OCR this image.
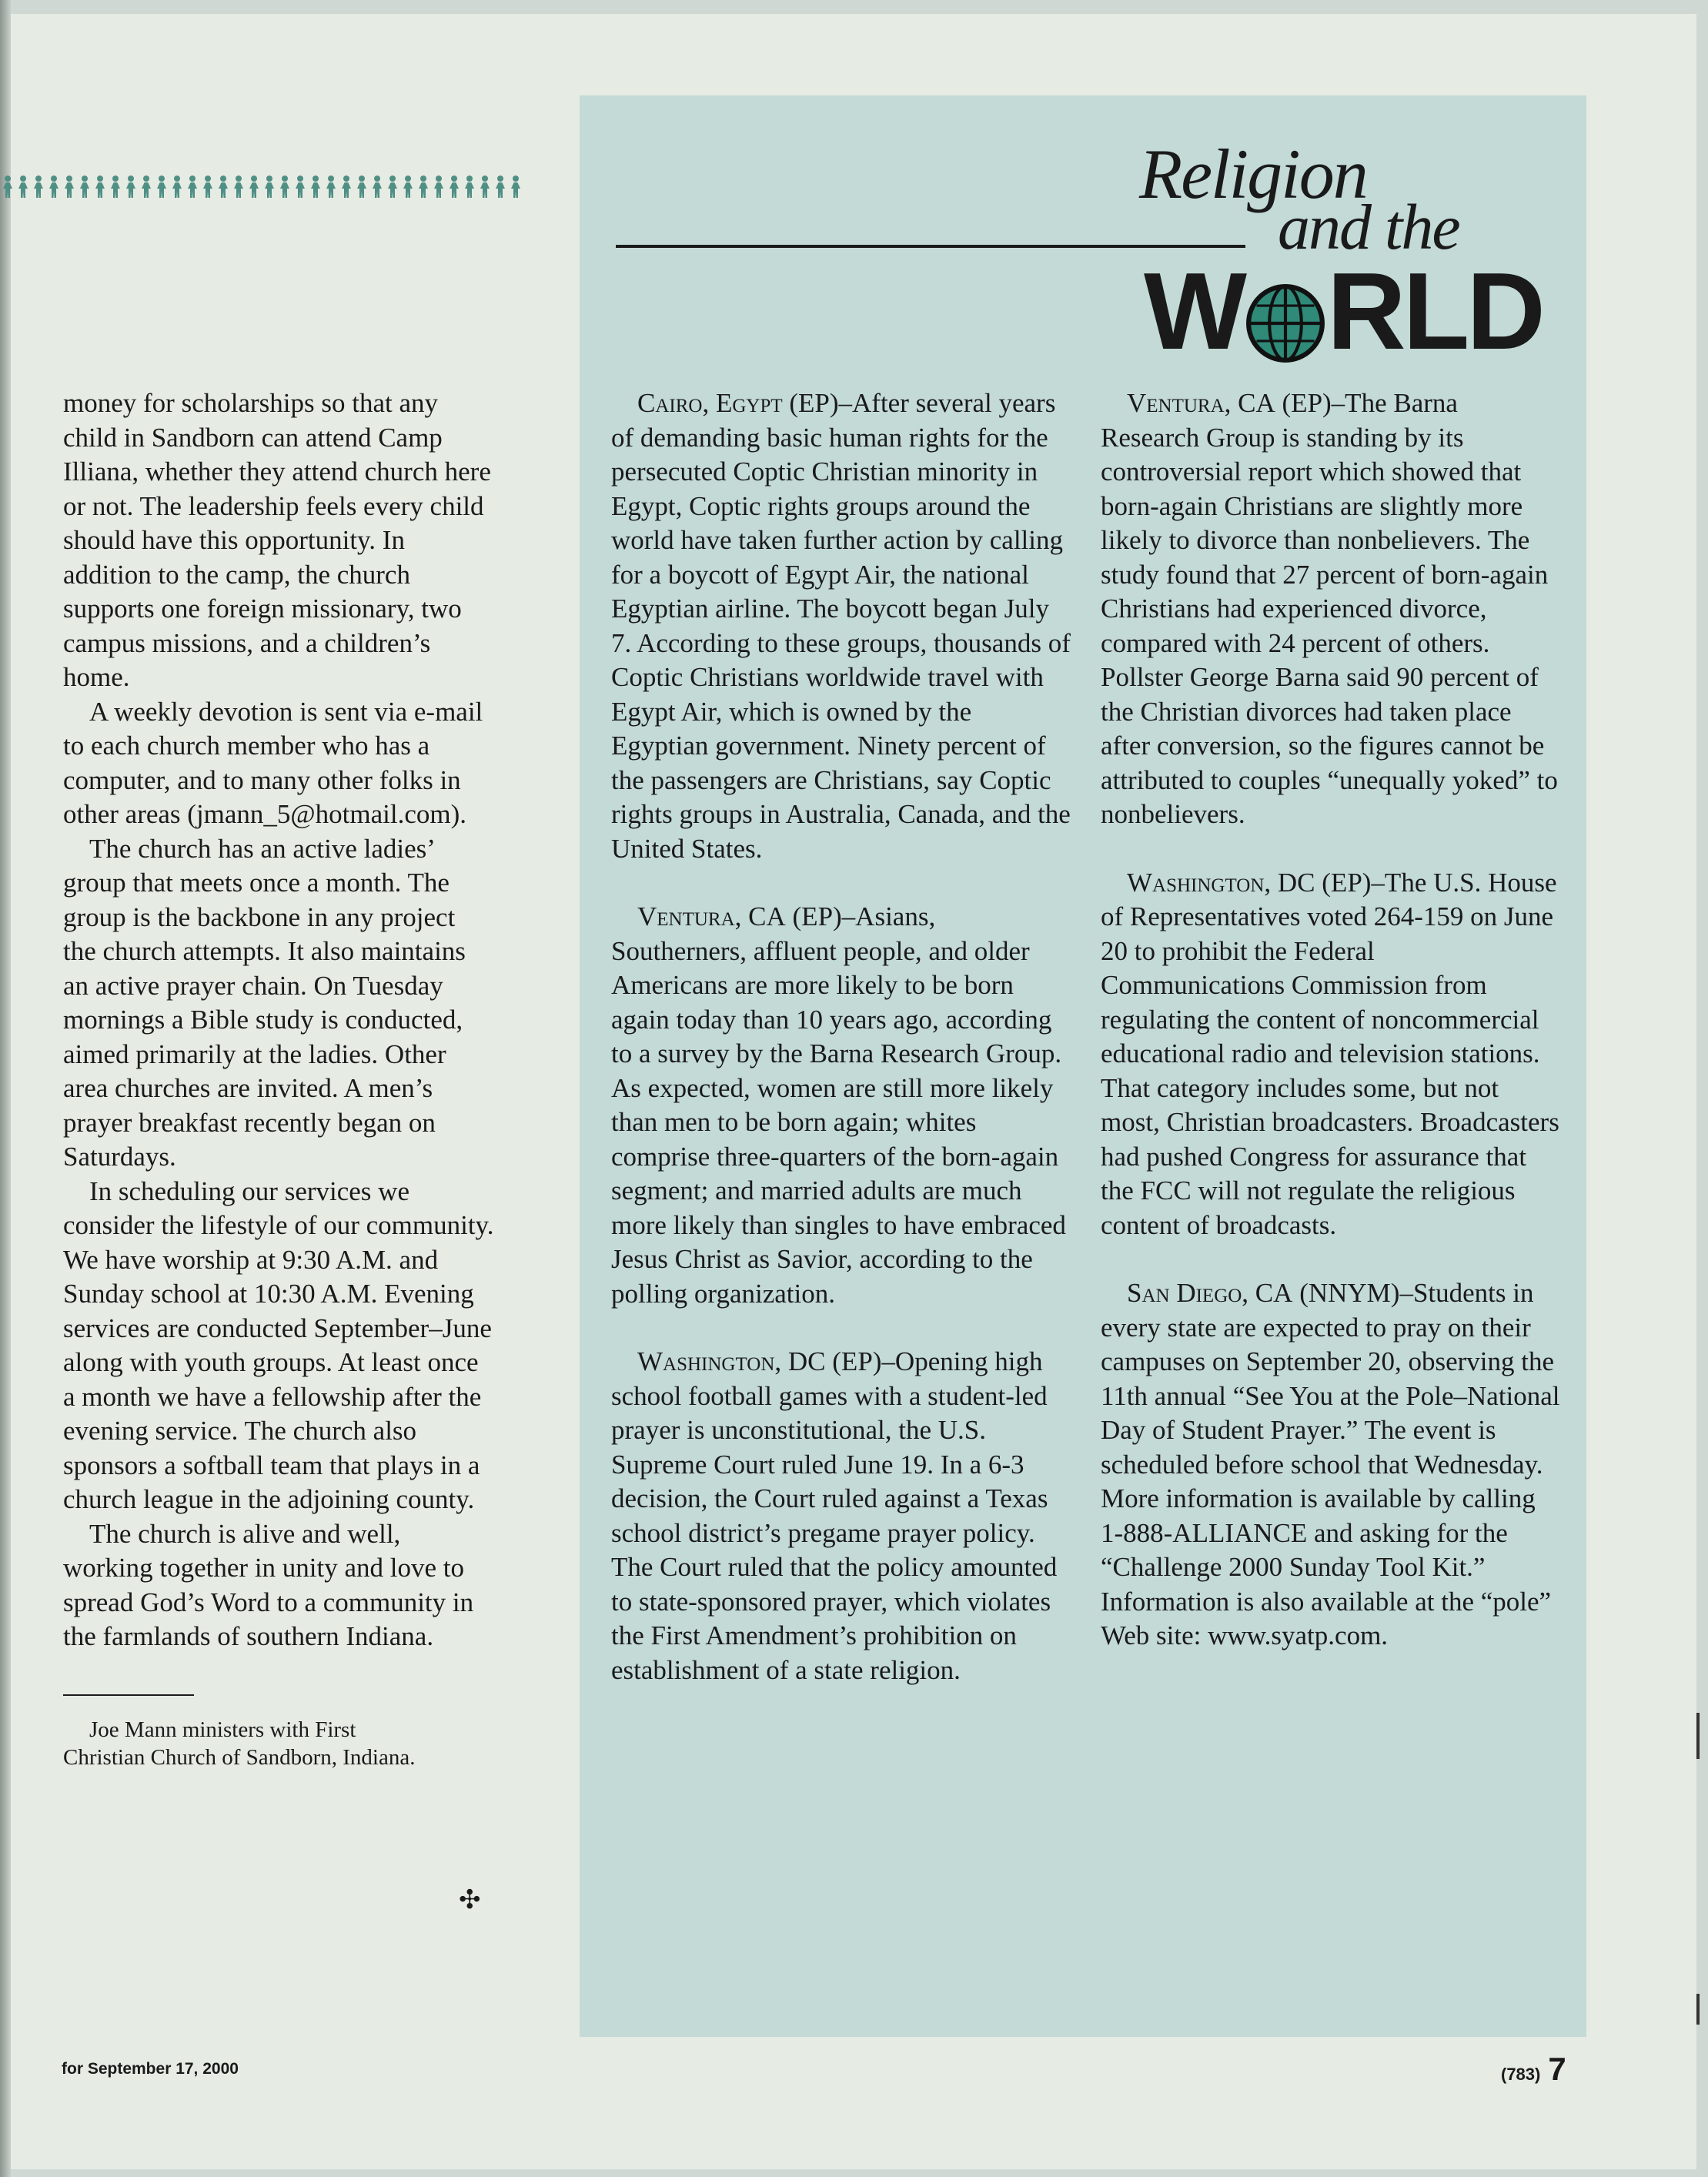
Religion
and the
W RLD

money for scholarships so that any child in Sandborn can attend Camp Illiana, whether they attend church here or not. The leadership feels every child should have this opportunity. In addition to the camp, the church supports one foreign missionary, two campus missions, and a children’s home.

A weekly devotion is sent via e-mail to each church member who has a computer, and to many other folks in other areas (jmann_5@hotmail.com).

The church has an active ladies’ group that meets once a month. The group is the backbone in any project the church attempts. It also maintains an active prayer chain. On Tuesday mornings a Bible study is conducted, aimed primarily at the ladies. Other area churches are invited. A men’s prayer breakfast recently began on Saturdays.

In scheduling our services we consider the lifestyle of our community. We have worship at 9:30 A.M. and Sunday school at 10:30 A.M. Evening services are conducted September–June along with youth groups. At least once a month we have a fellowship after the evening service. The church also sponsors a softball team that plays in a church league in the adjoining county.

The church is alive and well, working together in unity and love to spread God’s Word to a community in the farmlands of southern Indiana.

Joe Mann ministers with First

Christian Church of Sandborn, Indiana.

✣

Cairo, Egypt (EP)–After several years of demanding basic human rights for the persecuted Coptic Christian minority in Egypt, Coptic rights groups around the world have taken further action by calling for a boycott of Egypt Air, the national Egyptian airline. The boycott began July 7. According to these groups, thousands of Coptic Christians worldwide travel with Egypt Air, which is owned by the Egyptian government. Ninety percent of the passengers are Christians, say Coptic rights groups in Australia, Canada, and the United States.

Ventura, CA (EP)–Asians, Southerners, affluent people, and older Americans are more likely to be born again today than 10 years ago, according to a survey by the Barna Research Group. As expected, women are still more likely than men to be born again; whites comprise three-quarters of the born-again segment; and married adults are much more likely than singles to have embraced Jesus Christ as Savior, according to the polling organization.

Washington, DC (EP)–Opening high school football games with a student-led prayer is unconstitutional, the U.S. Supreme Court ruled June 19. In a 6-3 decision, the Court ruled against a Texas school district’s pregame prayer policy. The Court ruled that the policy amounted to state-sponsored prayer, which violates the First Amendment’s prohibition on establishment of a state religion.

Ventura, CA (EP)–The Barna Research Group is standing by its controversial report which showed that born-again Christians are slightly more likely to divorce than nonbelievers. The study found that 27 percent of born-again Christians had experienced divorce, compared with 24 percent of others. Pollster George Barna said 90 percent of the Christian divorces had taken place after conversion, so the figures cannot be attributed to couples “unequally yoked” to nonbelievers.

Washington, DC (EP)–The U.S. House of Representatives voted 264-159 on June 20 to prohibit the Federal Communications Commission from regulating the content of noncommercial educational radio and television stations. That category includes some, but not most, Christian broadcasters. Broadcasters had pushed Congress for assurance that the FCC will not regulate the religious content of broadcasts.

San Diego, CA (NNYM)–Students in every state are expected to pray on their campuses on September 20, observing the 11th annual “See You at the Pole–National Day of Student Prayer.” The event is scheduled before school that Wednesday. More information is available by calling 1-888-ALLIANCE and asking for the “Challenge 2000 Sunday Tool Kit.” Information is also available at the “pole” Web site: www.syatp.com.

for September 17, 2000	(783) 7
